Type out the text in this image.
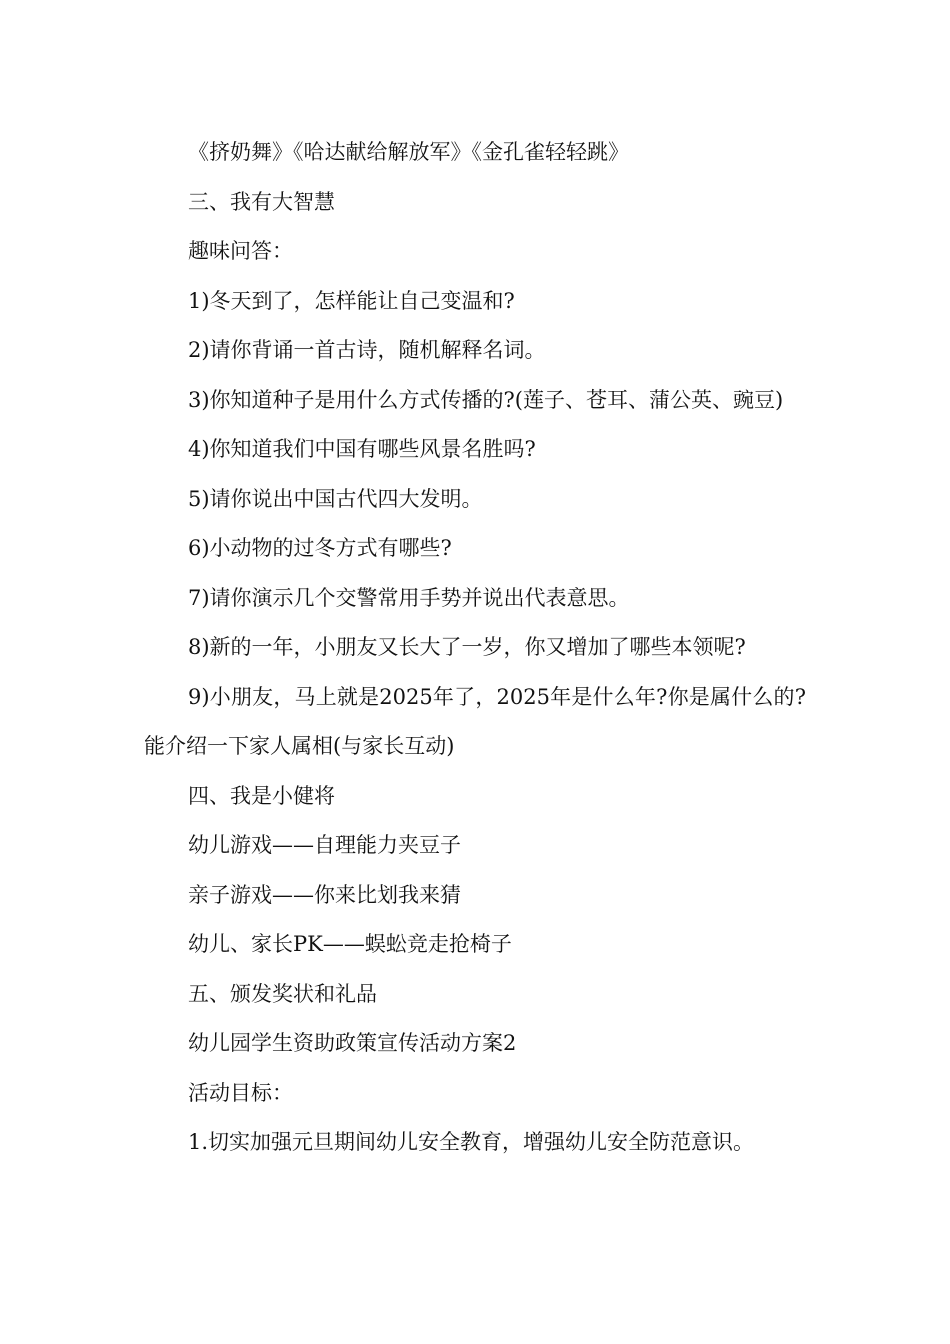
《挤奶舞》《哈达献给解放军》《金孔雀轻轻跳》

三、我有大智慧

趣味问答：

1)冬天到了，怎样能让自己变温和?

2)请你背诵一首古诗，随机解释名词。

3)你知道种子是用什么方式传播的?(莲子、苍耳、蒲公英、豌豆)

4)你知道我们中国有哪些风景名胜吗?

5)请你说出中国古代四大发明。

6)小动物的过冬方式有哪些?

7)请你演示几个交警常用手势并说出代表意思。

8)新的一年，小朋友又长大了一岁，你又增加了哪些本领呢?

9)小朋友，马上就是2025年了，2025年是什么年?你是属什么的?能介绍一下家人属相(与家长互动)

四、我是小健将

幼儿游戏——自理能力夹豆子

亲子游戏——你来比划我来猜

幼儿、家长PK——蜈蚣竞走抢椅子

五、颁发奖状和礼品

幼儿园学生资助政策宣传活动方案2

活动目标：

1.切实加强元旦期间幼儿安全教育，增强幼儿安全防范意识。
